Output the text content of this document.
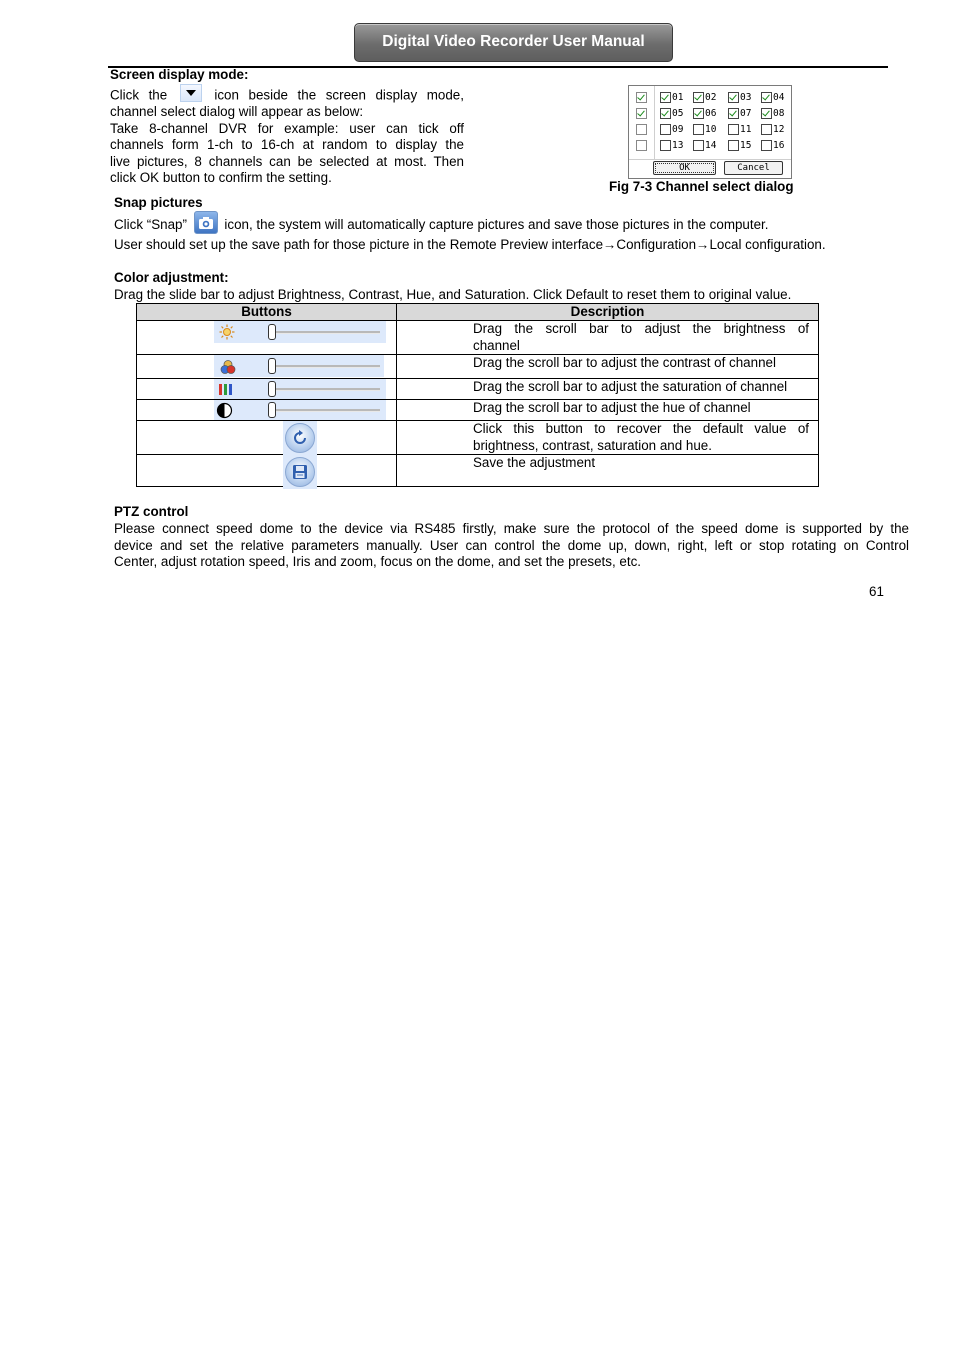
Digital Video Recorder User Manual
Screen display mode:
Click the	icon beside the screen display mode,
channel select dialog will appear as below:
Take 8-channel DVR for example: user can tick off
channels form 1-ch to 16-ch at random to display the
live pictures, 8 channels can be selected at most. Then
click OK button to confirm the setting.
OK	Cancel
01 02 03 04
05 06 07 08
09 10 11 12
13 14 15 16
Fig 7-3 Channel select dialog
Snap pictures
Click “Snap”	icon, the system will automatically capture pictures and save those pictures in the computer.
User should set up the save path for those picture in the Remote Preview interface→Configuration→Local configuration.
Color adjustment:
Drag the slide bar to adjust Brightness, Contrast, Hue, and Saturation. Click Default to reset them to original value.
Buttons	Description

Drag the scroll bar to adjust the brightness of
channel

	Drag the scroll bar to adjust the contrast of channel

	Drag the scroll bar to adjust the saturation of channel

	Drag the scroll bar to adjust the hue of channel

Click this button to recover the default value of
brightness, contrast, saturation and hue.

	Save the adjustment
PTZ control
Please connect speed dome to the device via RS485 firstly, make sure the protocol of the speed dome is supported by the
device and set the relative parameters manually. User can control the dome up, down, right, left or stop rotating on Control
Center, adjust rotation speed, Iris and zoom, focus on the dome, and set the presets, etc.
61
